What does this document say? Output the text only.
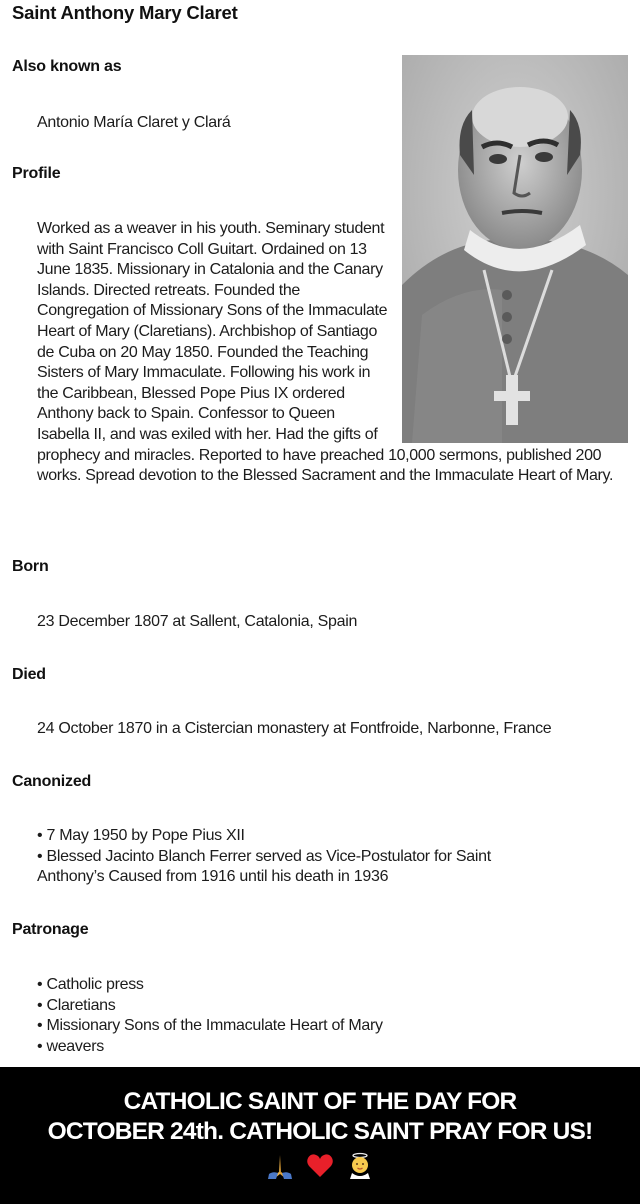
Saint Anthony Mary Claret
Also known as
Antonio María Claret y Clará
Profile
Worked as a weaver in his youth. Seminary student with Saint Francisco Coll Guitart. Ordained on 13 June 1835. Missionary in Catalonia and the Canary Islands. Directed retreats. Founded the Congregation of Missionary Sons of the Immaculate Heart of Mary (Claretians). Archbishop of Santiago de Cuba on 20 May 1850. Founded the Teaching Sisters of Mary Immaculate. Following his work in the Caribbean, Blessed Pope Pius IX ordered Anthony back to Spain. Confessor to Queen Isabella II, and was exiled with her. Had the gifts of prophecy and miracles. Reported to have preached 10,000 sermons, published 200 works. Spread devotion to the Blessed Sacrament and the Immaculate Heart of Mary.
Born
23 December 1807 at Sallent, Catalonia, Spain
Died
24 October 1870 in a Cistercian monastery at Fontfroide, Narbonne, France
Canonized
• 7 May 1950 by Pope Pius XII
• Blessed Jacinto Blanch Ferrer served as Vice-Postulator for Saint
Anthony’s Caused from 1916 until his death in 1936
Patronage
• Catholic press
• Claretians
• Missionary Sons of the Immaculate Heart of Mary
• weavers
CATHOLIC SAINT OF THE DAY FOR
OCTOBER 24th. CATHOLIC SAINT PRAY FOR US!
